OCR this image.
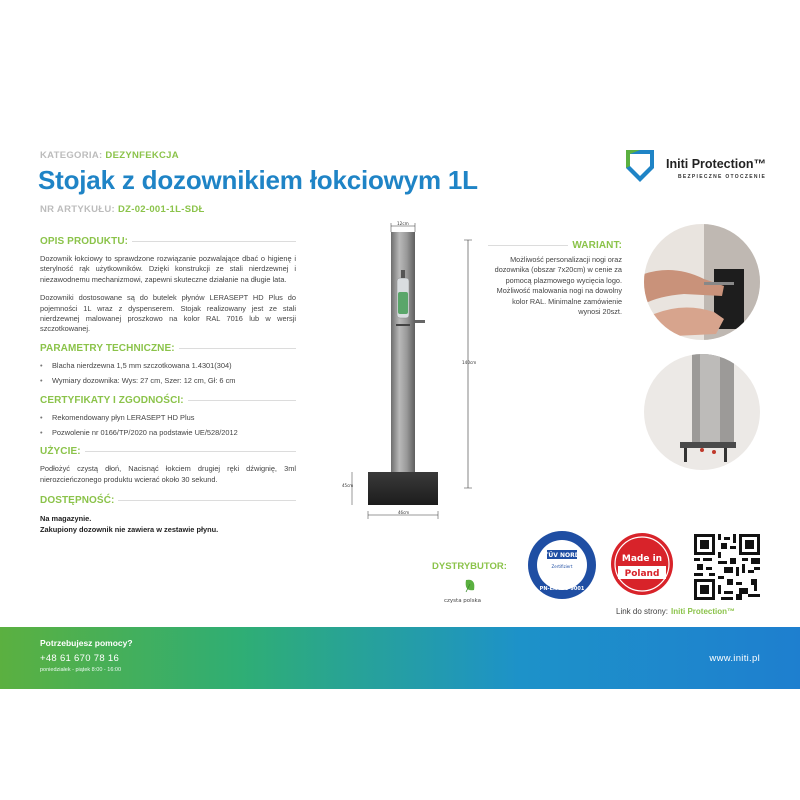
KATEGORIA: DEZYNFEKCJA
Stojak z dozownikiem łokciowym 1L
NR ARTYKUŁU: DZ-02-001-1L-SDŁ
Initi Protection™
BEZPIECZNE OTOCZENIE
OPIS PRODUKTU:

Dozownik łokciowy to sprawdzone rozwiązanie pozwalające dbać o higienę i sterylność rąk użytkowników. Dzięki konstrukcji ze stali nierdzewnej i niezawodnemu mechanizmowi, zapewni skuteczne działanie na długie lata.

Dozowniki dostosowane są do butelek płynów LERASEPT HD Plus do pojemności 1L wraz z dyspenserem. Stojak realizowany jest ze stali nierdzewnej malowanej proszkowo na kolor RAL 7016 lub w wersji szczotkowanej.

PARAMETRY TECHNICZNE:
• Blacha nierdzewna 1,5 mm szczotkowana 1.4301(304)
• Wymiary dozownika: Wys: 27 cm, Szer: 12 cm, Gł: 6 cm
CERTYFIKATY I ZGODNOŚCI:
• Rekomendowany płyn LERASEPT HD Plus
• Pozwolenie nr 0166/TP/2020 na podstawie UE/528/2012
UŻYCIE:

Podłożyć czystą dłoń, Nacisnąć łokciem drugiej ręki dźwignię, 3ml nierozcieńczonego produktu wcierać około 30 sekund.

DOSTĘPNOŚĆ:
Na magazynie.
Zakupiony dozownik nie zawiera w zestawie płynu.
12cm
140cm
45cm
46cm
WARIANT:
Możliwość personalizacji nogi oraz dozownika (obszar 7x20cm) w cenie za pomocą plazmowego wycięcia logo. Możliwość malowania nogi na dowolny kolor RAL. Minimalne zamówienie wynosi 20szt.
DYSTRYBUTOR:
czysta polska
TÜV NORD
Zertifiziert
PN-EN ISO 9001
Made in
Poland
Link do strony: Initi Protection™
Potrzebujesz pomocy?
+48 61 670 78 16
poniedziałek - piątek 8:00 - 16:00
www.initi.pl
